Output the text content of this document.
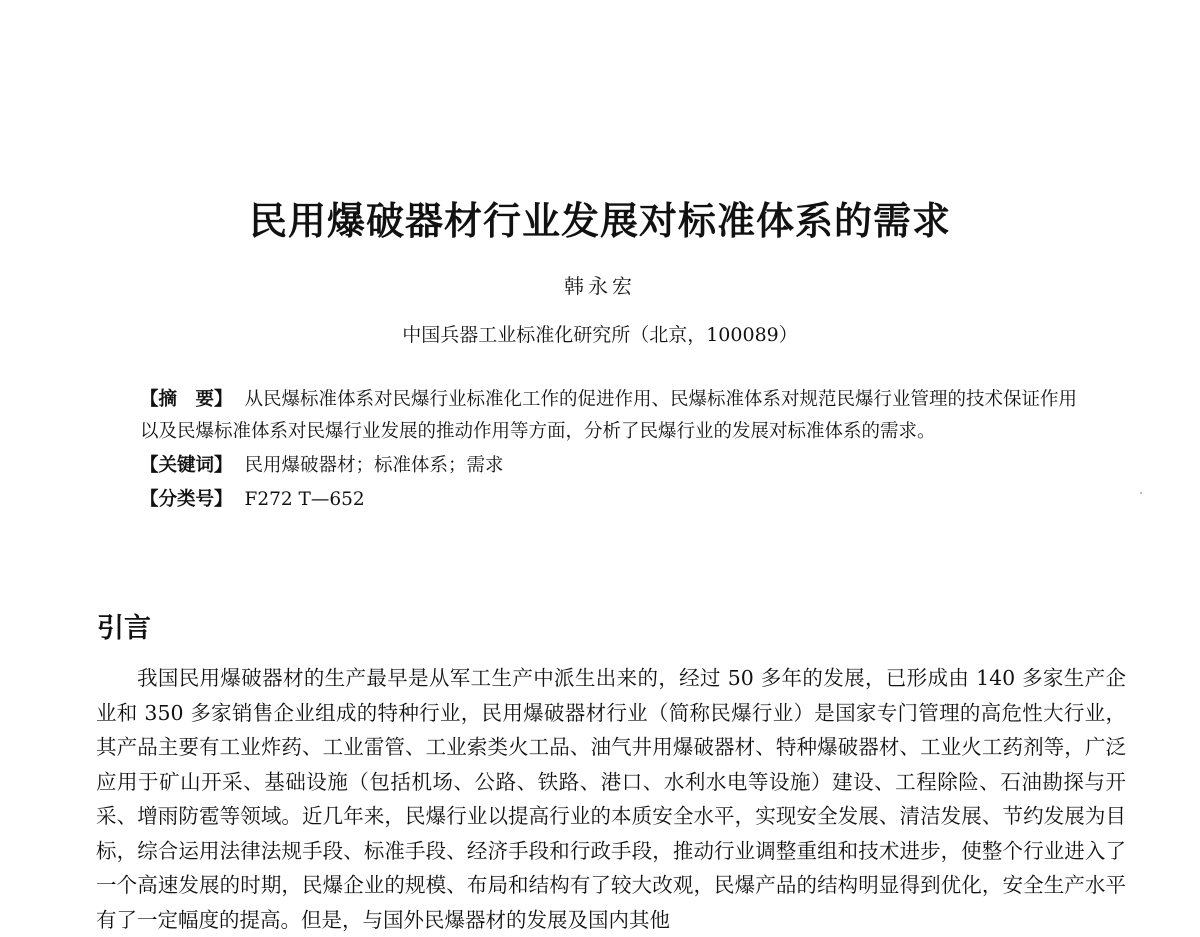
民用爆破器材行业发展对标准体系的需求
韩永宏
中国兵器工业标准化研究所（北京，100089）
【摘　要】 从民爆标准体系对民爆行业标准化工作的促进作用、民爆标准体系对规范民爆行业管理的技术保证作用以及民爆标准体系对民爆行业发展的推动作用等方面，分析了民爆行业的发展对标准体系的需求。
【关键词】 民用爆破器材；标准体系；需求
【分类号】 F272 T—652
引言

我国民用爆破器材的生产最早是从军工生产中派生出来的，经过 50 多年的发展，已形成由 140 多家生产企业和 350 多家销售企业组成的特种行业，民用爆破器材行业（简称民爆行业）是国家专门管理的高危性大行业，其产品主要有工业炸药、工业雷管、工业索类火工品、油气井用爆破器材、特种爆破器材、工业火工药剂等，广泛应用于矿山开采、基础设施（包括机场、公路、铁路、港口、水利水电等设施）建设、工程除险、石油勘探与开采、增雨防雹等领域。近几年来，民爆行业以提高行业的本质安全水平，实现安全发展、清洁发展、节约发展为目标，综合运用法律法规手段、标准手段、经济手段和行政手段，推动行业调整重组和技术进步，使整个行业进入了一个高速发展的时期，民爆企业的规模、布局和结构有了较大改观，民爆产品的结构明显得到优化，安全生产水平有了一定幅度的提高。但是，与国外民爆器材的发展及国内其他
